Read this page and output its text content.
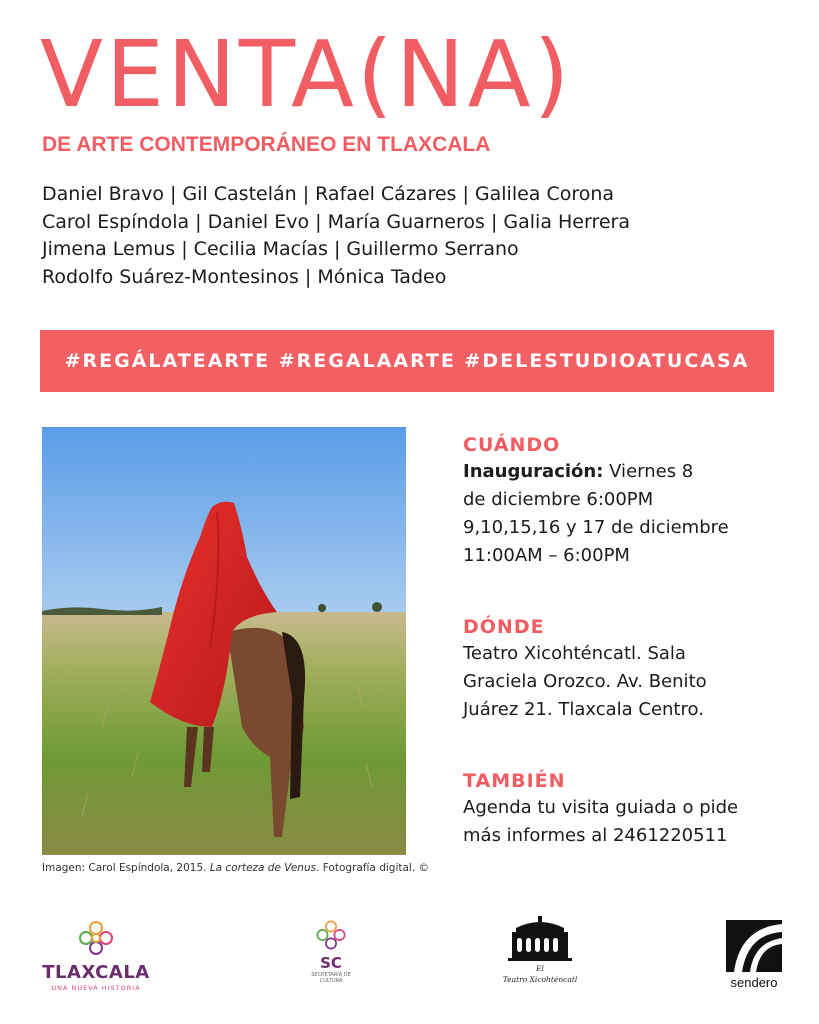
VENTA(NA)
DE ARTE CONTEMPORÁNEO EN TLAXCALA
Daniel Bravo | Gil Castelán | Rafael Cázares | Galilea Corona
Carol Espíndola | Daniel Evo | María Guarneros | Galia Herrera
Jimena Lemus | Cecilia Macías | Guillermo Serrano
Rodolfo Suárez-Montesinos | Mónica Tadeo
#REGÁLATEARTE #REGALAARTE #DELESTUDIOATUCASA
Imagen: Carol Espíndola, 2015. La corteza de Venus. Fotografía digital. ©
CUÁNDO
Inauguración: Viernes 8
de diciembre 6:00PM
9,10,15,16 y 17 de diciembre
11:00AM – 6:00PM
DÓNDE
Teatro Xicohténcatl. Sala
Graciela Orozco. Av. Benito
Juárez 21. Tlaxcala Centro.
TAMBIÉN
Agenda tu visita guiada o pide
más informes al 2461220511
TLAXCALA
UNA NUEVA HISTORIA
SC
SECRETARÍA DE
CULTURA
El
Teatro Xicohténcatl	sendero
